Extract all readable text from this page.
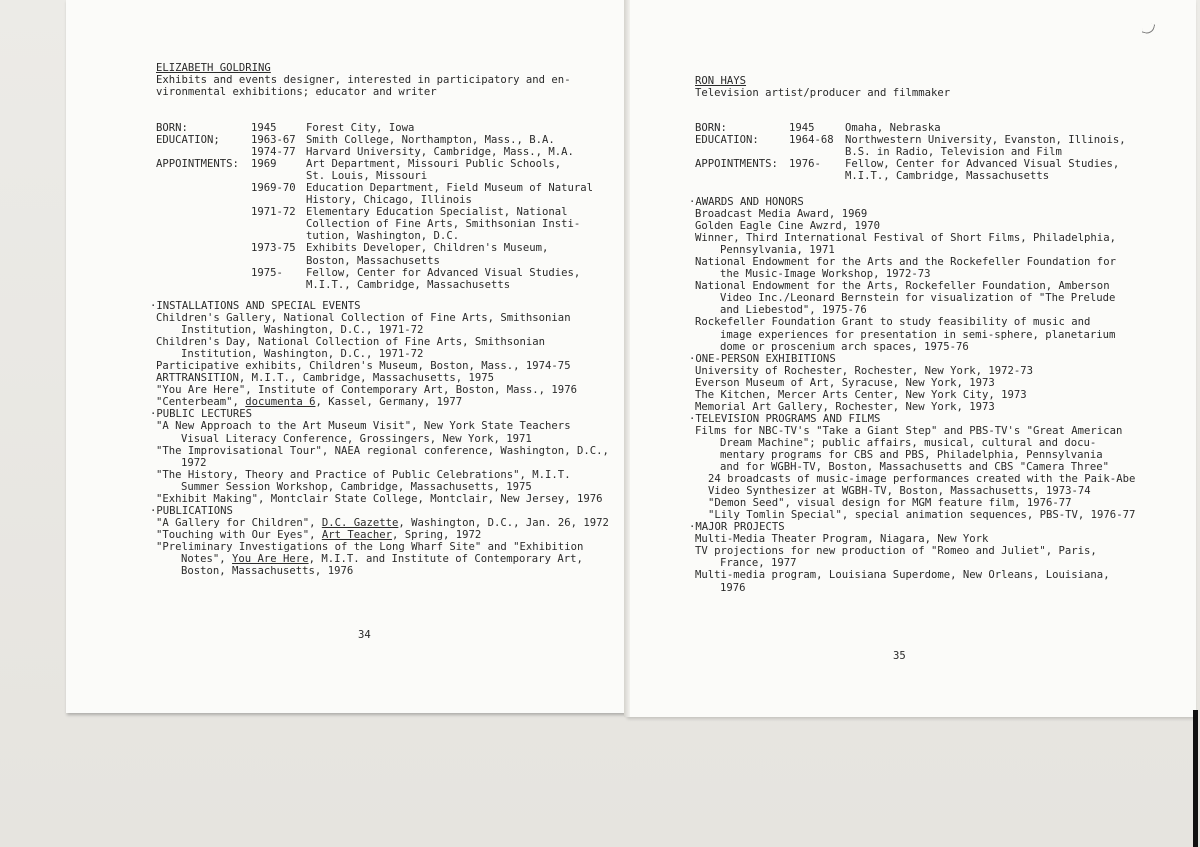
ELIZABETH GOLDRING
Exhibits and events designer, interested in participatory and en-
vironmental exhibitions; educator and writer
BORN:	1945	Forest City, Iowa
EDUCATION;	1963-67 Smith College, Northampton, Mass., B.A.
1974-77 Harvard University, Cambridge, Mass., M.A.
APPOINTMENTS:	1969	Art Department, Missouri Public Schools,
St. Louis, Missouri
1969-70 Education Department, Field Museum of Natural
History, Chicago, Illinois
1971-72 Elementary Education Specialist, National
Collection of Fine Arts, Smithsonian Insti-
tution, Washington, D.C.
1973-75 Exhibits Developer, Children's Museum,
Boston, Massachusetts
1975-	Fellow, Center for Advanced Visual Studies,
M.I.T., Cambridge, Massachusetts
·INSTALLATIONS AND SPECIAL EVENTS
Children's Gallery, National Collection of Fine Arts, Smithsonian
Institution, Washington, D.C., 1971-72
Children's Day, National Collection of Fine Arts, Smithsonian
Institution, Washington, D.C., 1971-72
Participative exhibits, Children's Museum, Boston, Mass., 1974-75
ARTTRANSITION, M.I.T., Cambridge, Massachusetts, 1975
"You Are Here", Institute of Contemporary Art, Boston, Mass., 1976
"Centerbeam", documenta 6, Kassel, Germany, 1977
·PUBLIC LECTURES
"A New Approach to the Art Museum Visit", New York State Teachers
Visual Literacy Conference, Grossingers, New York, 1971
"The Improvisational Tour", NAEA regional conference, Washington, D.C.,
1972
"The History, Theory and Practice of Public Celebrations", M.I.T.
Summer Session Workshop, Cambridge, Massachusetts, 1975
"Exhibit Making", Montclair State College, Montclair, New Jersey, 1976
·PUBLICATIONS
"A Gallery for Children", D.C. Gazette, Washington, D.C., Jan. 26, 1972
"Touching with Our Eyes", Art Teacher, Spring, 1972
"Preliminary Investigations of the Long Wharf Site" and "Exhibition
Notes", You Are Here, M.I.T. and Institute of Contemporary Art,
Boston, Massachusetts, 1976
34
RON HAYS
Television artist/producer and filmmaker
BORN:	1945	Omaha, Nebraska
EDUCATION:	1964-68	Northwestern University, Evanston, Illinois,
B.S. in Radio, Television and Film
APPOINTMENTS:	1976-	Fellow, Center for Advanced Visual Studies,
M.I.T., Cambridge, Massachusetts
·AWARDS AND HONORS
Broadcast Media Award, 1969
Golden Eagle Cine Awzrd, 1970
Winner, Third International Festival of Short Films, Philadelphia,
Pennsylvania, 1971
National Endowment for the Arts and the Rockefeller Foundation for
the Music-Image Workshop, 1972-73
National Endowment for the Arts, Rockefeller Foundation, Amberson
Video Inc./Leonard Bernstein for visualization of "The Prelude
and Liebestod", 1975-76
Rockefeller Foundation Grant to study feasibility of music and
image experiences for presentation in semi-sphere, planetarium
dome or proscenium arch spaces, 1975-76
·ONE-PERSON EXHIBITIONS
University of Rochester, Rochester, New York, 1972-73
Everson Museum of Art, Syracuse, New York, 1973
The Kitchen, Mercer Arts Center, New York City, 1973
Memorial Art Gallery, Rochester, New York, 1973
·TELEVISION PROGRAMS AND FILMS
Films for NBC-TV's "Take a Giant Step" and PBS-TV's "Great American
Dream Machine"; public affairs, musical, cultural and docu-
mentary programs for CBS and PBS, Philadelphia, Pennsylvania
and for WGBH-TV, Boston, Massachusetts and CBS "Camera Three"
24 broadcasts of music-image performances created with the Paik-Abe
Video Synthesizer at WGBH-TV, Boston, Massachusetts, 1973-74
"Demon Seed", visual design for MGM feature film, 1976-77
"Lily Tomlin Special", special animation sequences, PBS-TV, 1976-77
·MAJOR PROJECTS
Multi-Media Theater Program, Niagara, New York
TV projections for new production of "Romeo and Juliet", Paris,
France, 1977
Multi-media program, Louisiana Superdome, New Orleans, Louisiana,
1976
35
